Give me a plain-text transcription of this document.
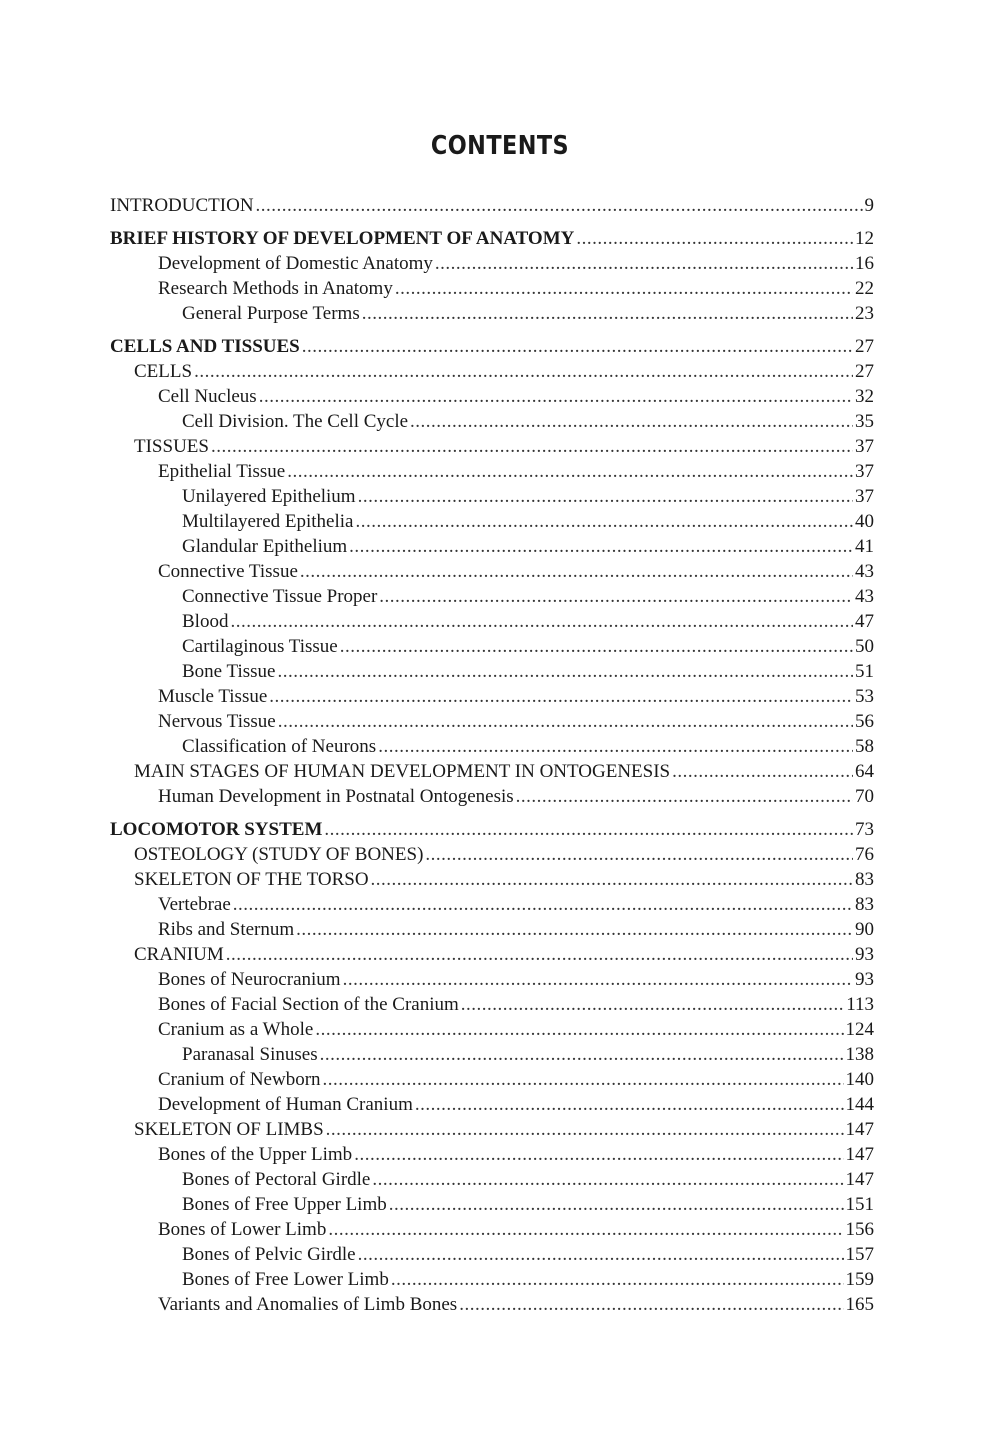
CONTENTS
INTRODUCTION .....	9
BRIEF HISTORY OF DEVELOPMENT OF ANATOMY .....	12
Development of Domestic Anatomy .....	16
Research Methods in Anatomy .....	22
General Purpose Terms .....	23
CELLS AND TISSUES .....	27
CELLS .....	27
Cell Nucleus .....	32
Cell Division. The Cell Cycle .....	35
TISSUES .....	37
Epithelial Tissue .....	37
Unilayered Epithelium .....	37
Multilayered Epithelia .....	40
Glandular Epithelium .....	41
Connective Tissue .....	43
Connective Tissue Proper .....	43
Blood .....	47
Cartilaginous Tissue .....	50
Bone Tissue .....	51
Muscle Tissue .....	53
Nervous Tissue .....	56
Classification of Neurons .....	58
MAIN STAGES OF HUMAN DEVELOPMENT IN ONTOGENESIS .....	64
Human Development in Postnatal Ontogenesis .....	70
LOCOMOTOR SYSTEM .....	73
OSTEOLOGY (STUDY OF BONES) .....	76
SKELETON OF THE TORSO .....	83
Vertebrae .....	83
Ribs and Sternum .....	90
CRANIUM .....	93
Bones of Neurocranium .....	93
Bones of Facial Section of the Cranium .....	113
Cranium as a Whole .....	124
Paranasal Sinuses .....	138
Cranium of Newborn .....	140
Development of Human Cranium .....	144
SKELETON OF LIMBS .....	147
Bones of the Upper Limb .....	147
Bones of Pectoral Girdle .....	147
Bones of Free Upper Limb .....	151
Bones of Lower Limb .....	156
Bones of Pelvic Girdle .....	157
Bones of Free Lower Limb .....	159
Variants and Anomalies of Limb Bones .....	165
